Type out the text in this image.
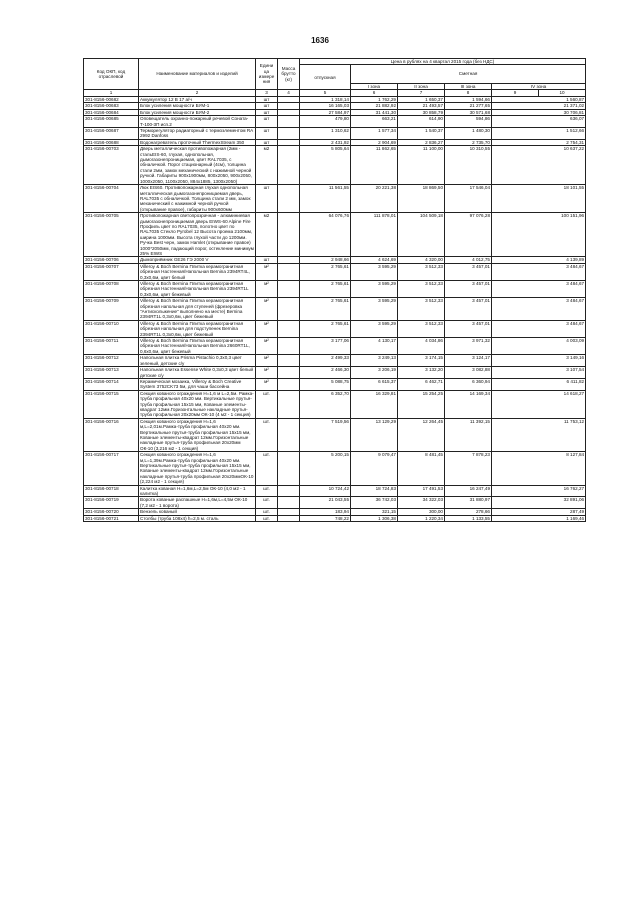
1636
Код ОКП, код отраслевой	Наименование материалов и изделий	Едини ца измере ния	Масса брутто (кг)	Цена в рублях на 4 квартал 2015 года (без НДС)					
				отпускная	Сметная				
					I зона	II зона	III зона	IV зона	
1	2	3	4	5	6	7	8	9	10
301-8156-00682	Аккумулятор 12 В 17 а/ч	шт		1 318,14	1 762,29	1 650,37	1 594,66	1 560,87	
301-8156-00683	Блок усиления мощности БУМ-1	шт		16 165,03	21 882,92	21 493,57	21 277,65	21 371,02	
301-8156-00684	Блок усиления мощности БУМ-2	шт		27 584,97	31 441,30	30 858,79	30 571,68	30 706,81	
301-8156-00685	Оповещатель охранно-пожарный речевой Соната-Т-100-3П исп.2	шт		479,80	663,21	614,90	594,86	636,07	
301-8156-00687	Терморегулятор радиаторный с термоэлементом RA 2992 Danfoss	шт		1 310,62	1 577,34	1 540,37	1 480,30	1 512,66	
301-8156-00688	Водонагреватель проточный ThermexStream 350	шт		2 431,92	2 904,69	2 836,27	2 735,70	2 754,31	
301-8156-00703	Дверь металлическая противопожарная (2мм - стальEIS-60, глухая, однопольная, дымогазонепроницаемая, цвет RAL7035, с обналичкой. Порог стационарный (4см), толщина стали 2мм, замок механический с нажимной черной ручкой. Габариты 900х1900мм, 800х2050, 900х2050, 1000х2050, 1100х2050, 884х1885, 1300х2050)	м2		5 805,64	11 862,65	11 100,00	10 310,55	10 637,22	
301-8156-00704	Люк EIS60. Противопожарная глухая однопольная металлическая дымогазонепроницаемая дверь, RAL7035 с обналичкой. Толщина стали 2 мм, замок механический с нажимной черной ручкой (открывание правое), габариты 900х600мм	шт		11 561,55	20 221,38	18 869,50	17 546,04	18 101,55	
301-8156-00705	Противопожарная светопрозрачная - алюминиевая дымогазонепроницаемая дверь EIWS-60 Alpine Fire Профиль цвет по RAL7035, полотно цвет по RAL7035 Стекло Pyrobel 12 Высота проема 2100мм, ширина 1000мм. Высота глухой части до 1200мм. Ручка Best черн, замок Hamlet (открывание правое) 1000*2050мм, падающий порог, остекление минимум 25% EIWS	м2		64 076,76	111 878,01	104 509,18	97 076,28	100 151,96	
301-8156-00706	Дымоприёмник GE26 ГЭ 2000 V	шт		2 948,66	4 624,69	4 320,00	4 012,75	4 139,89	
301-8156-00707	Villeroy & Boch Bernina Плитка керамогранитная обрезная Настенная/Напольная Bernina 2394RT4L, 0,3х0,6м, цвет белый	м²		2 765,61	3 595,29	3 512,33	3 457,01	3 484,67	
301-8156-00708	Villeroy & Boch Bernina Плитка керамогранитная обрезная Настенная/Напольная Bernina 2394RT1L 0,3х0,6м, цвет бежевый	м²		2 765,61	3 595,29	3 512,33	3 457,01	3 484,67	
301-8156-00709	Villeroy & Boch Bernina Плитка керамогранитная обрезная напольная для ступеней (фрезеровка "Антискольжение" выполнено на месте) Bernina 2394RT1L 0,3х0,6м, цвет бежевый	м²		2 765,61	3 595,29	3 512,33	3 457,01	3 484,67	
301-8156-00710	Villeroy & Boch Bernina Плитка керамогранитная обрезная напольная для подступенек Bernina 2394RT1L 0,3х0,6м, цвет бежевый	м²		2 765,61	3 595,29	3 512,33	3 457,01	3 484,67	
301-8156-00711	Villeroy & Boch Bernina Плитка керамогранитная обрезная Настенная/Напольная Bernina 2660RT1L, 0,6х0,6м, цвет бежевый	м²		3 177,06	4 130,17	4 034,86	3 971,32	4 003,09	
301-8156-00712	Напольная плитка Prisma Pistachio 0,3х0,3 цвет зеленый, детские с/у	м²		2 499,33	3 249,13	3 174,15	3 124,17	3 149,16	
301-8156-00713	Напольная плитка Essense White 0,3х0,3 цвет белый детские с/у	м²		2 466,30	3 206,19	3 132,20	3 082,88	3 107,54	
301-8156-00714	Керамическая мозаика, Villeroy & Boch Creative System 3752CK73 5м, для чаши бассейна	м²		5 088,75	6 615,37	6 462,71	6 360,94	6 411,82	
301-8156-00715	Секция кованого ограждения Н=1,6 м L=2,5м. Рамка-труба профильная 40х20 мм. Вертикальные прутья-труба профильная 15х15 мм, Кованые элементы-квадрат 12мм.Горизонтальные накладные прутья-труба профильная 20х20мм ОК-10 (4 м2 - 1 секция)	шт.		6 352,70	16 329,81	15 254,25	14 169,34	14 618,27	
301-8156-00716	Секция кованого ограждения Н=1,6 м,L=2,01м.Рамка-труба профильная 40х20 мм. Вертикальные прутья-труба профильная 15х15 мм, Кованые элементы-квадрат 12мм.Горизонтальные накладные прутья-труба профильная 20х20мм ОК-10 (3,216 м2 - 1 секция)	шт.		7 519,56	13 129,29	12 264,45	11 392,15	11 753,12	
301-8156-00717	Секция кованого ограждения Н=1,6 м,L=1,39м.Рамка-труба профильная 40х20 мм. Вертикальные прутья-труба профильная 15х15 мм, Кованые элементы-квадрат 12мм.Горизонтальные накладные прутья-труба профильная 20х20ммОК-10 (2,224 м2 - 1 секция)	шт.		5 200,15	9 079,47	8 481,45	7 878,23	8 127,84	
301-8156-00718	Калитка кованая Н=1,6м,L=2,5м ОК-10 (4,0 м2 - 1 калитка)	шт.		10 724,42	18 724,83	17 491,53	16 247,49	16 762,27	
301-8156-00719	Ворота кованые распашные Н=1,6м,L=4,5м ОК-10 (7,2 м2 - 1 ворота)	шт.		21 043,55	36 742,03	34 322,03	31 880,97	32 891,06	
301-8156-00720	Вензель кованый	шт.		183,94	321,15	300,00	278,66	287,49	
301-8156-00721	Столбы (труба 108х4) h=2,5 м. сталь	шт.		748,22	1 306,38	1 220,34	1 133,55	1 169,46	
